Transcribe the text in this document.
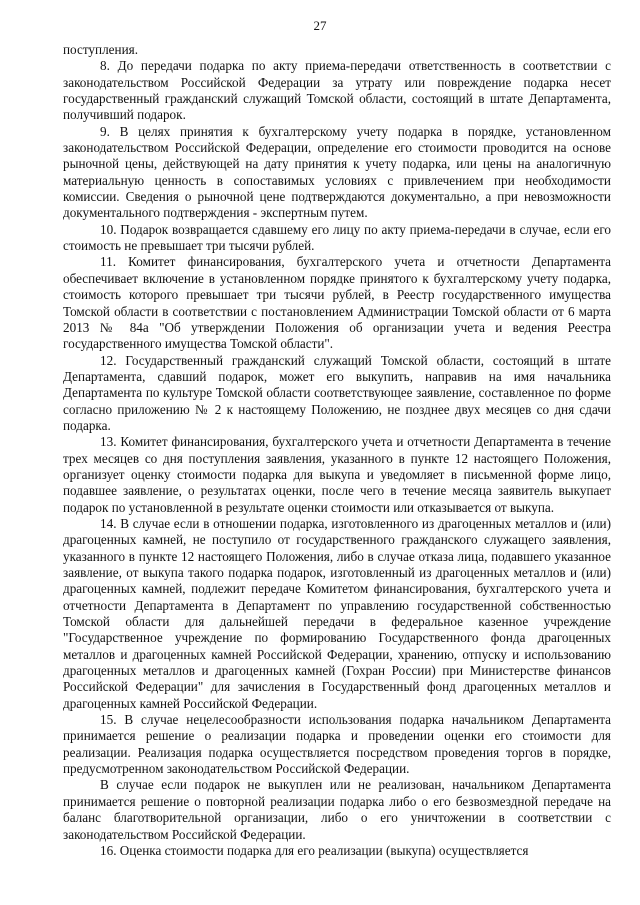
27

поступления.

8. До передачи подарка по акту приема-передачи ответственность в соответствии с законодательством Российской Федерации за утрату или повреждение подарка несет государственный гражданский служащий Томской области, состоящий в штате Департамента, получивший подарок.

9. В целях принятия к бухгалтерскому учету подарка в порядке, установленном законодательством Российской Федерации, определение его стоимости проводится на основе рыночной цены, действующей на дату принятия к учету подарка, или цены на аналогичную материальную ценность в сопоставимых условиях с привлечением при необходимости комиссии. Сведения о рыночной цене подтверждаются документально, а при невозможности документального подтверждения - экспертным путем.

10. Подарок возвращается сдавшему его лицу по акту приема-передачи в случае, если его стоимость не превышает три тысячи рублей.

11. Комитет финансирования, бухгалтерского учета и отчетности Департамента обеспечивает включение в установленном порядке принятого к бухгалтерскому учету подарка, стоимость которого превышает три тысячи рублей, в Реестр государственного имущества Томской области в соответствии с постановлением Администрации Томской области от 6 марта 2013 № 84а "Об утверждении Положения об организации учета и ведения Реестра государственного имущества Томской области".

12. Государственный гражданский служащий Томской области, состоящий в штате Департамента, сдавший подарок, может его выкупить, направив на имя начальника Департамента по культуре Томской области соответствующее заявление, составленное по форме согласно приложению № 2 к настоящему Положению, не позднее двух месяцев со дня сдачи подарка.

13. Комитет финансирования, бухгалтерского учета и отчетности Департамента в течение трех месяцев со дня поступления заявления, указанного в пункте 12 настоящего Положения, организует оценку стоимости подарка для выкупа и уведомляет в письменной форме лицо, подавшее заявление, о результатах оценки, после чего в течение месяца заявитель выкупает подарок по установленной в результате оценки стоимости или отказывается от выкупа.

14. В случае если в отношении подарка, изготовленного из драгоценных металлов и (или) драгоценных камней, не поступило от государственного гражданского служащего заявления, указанного в пункте 12 настоящего Положения, либо в случае отказа лица, подавшего указанное заявление, от выкупа такого подарка подарок, изготовленный из драгоценных металлов и (или) драгоценных камней, подлежит передаче Комитетом финансирования, бухгалтерского учета и отчетности Департамента в Департамент по управлению государственной собственностью Томской области для дальнейшей передачи в федеральное казенное учреждение "Государственное учреждение по формированию Государственного фонда драгоценных металлов и драгоценных камней Российской Федерации, хранению, отпуску и использованию драгоценных металлов и драгоценных камней (Гохран России) при Министерстве финансов Российской Федерации" для зачисления в Государственный фонд драгоценных металлов и драгоценных камней Российской Федерации.

15. В случае нецелесообразности использования подарка начальником Департамента принимается решение о реализации подарка и проведении оценки его стоимости для реализации. Реализация подарка осуществляется посредством проведения торгов в порядке, предусмотренном законодательством Российской Федерации.

В случае если подарок не выкуплен или не реализован, начальником Департамента принимается решение о повторной реализации подарка либо о его безвозмездной передаче на баланс благотворительной организации, либо о его уничтожении в соответствии с законодательством Российской Федерации.

16. Оценка стоимости подарка для его реализации (выкупа) осуществляется
